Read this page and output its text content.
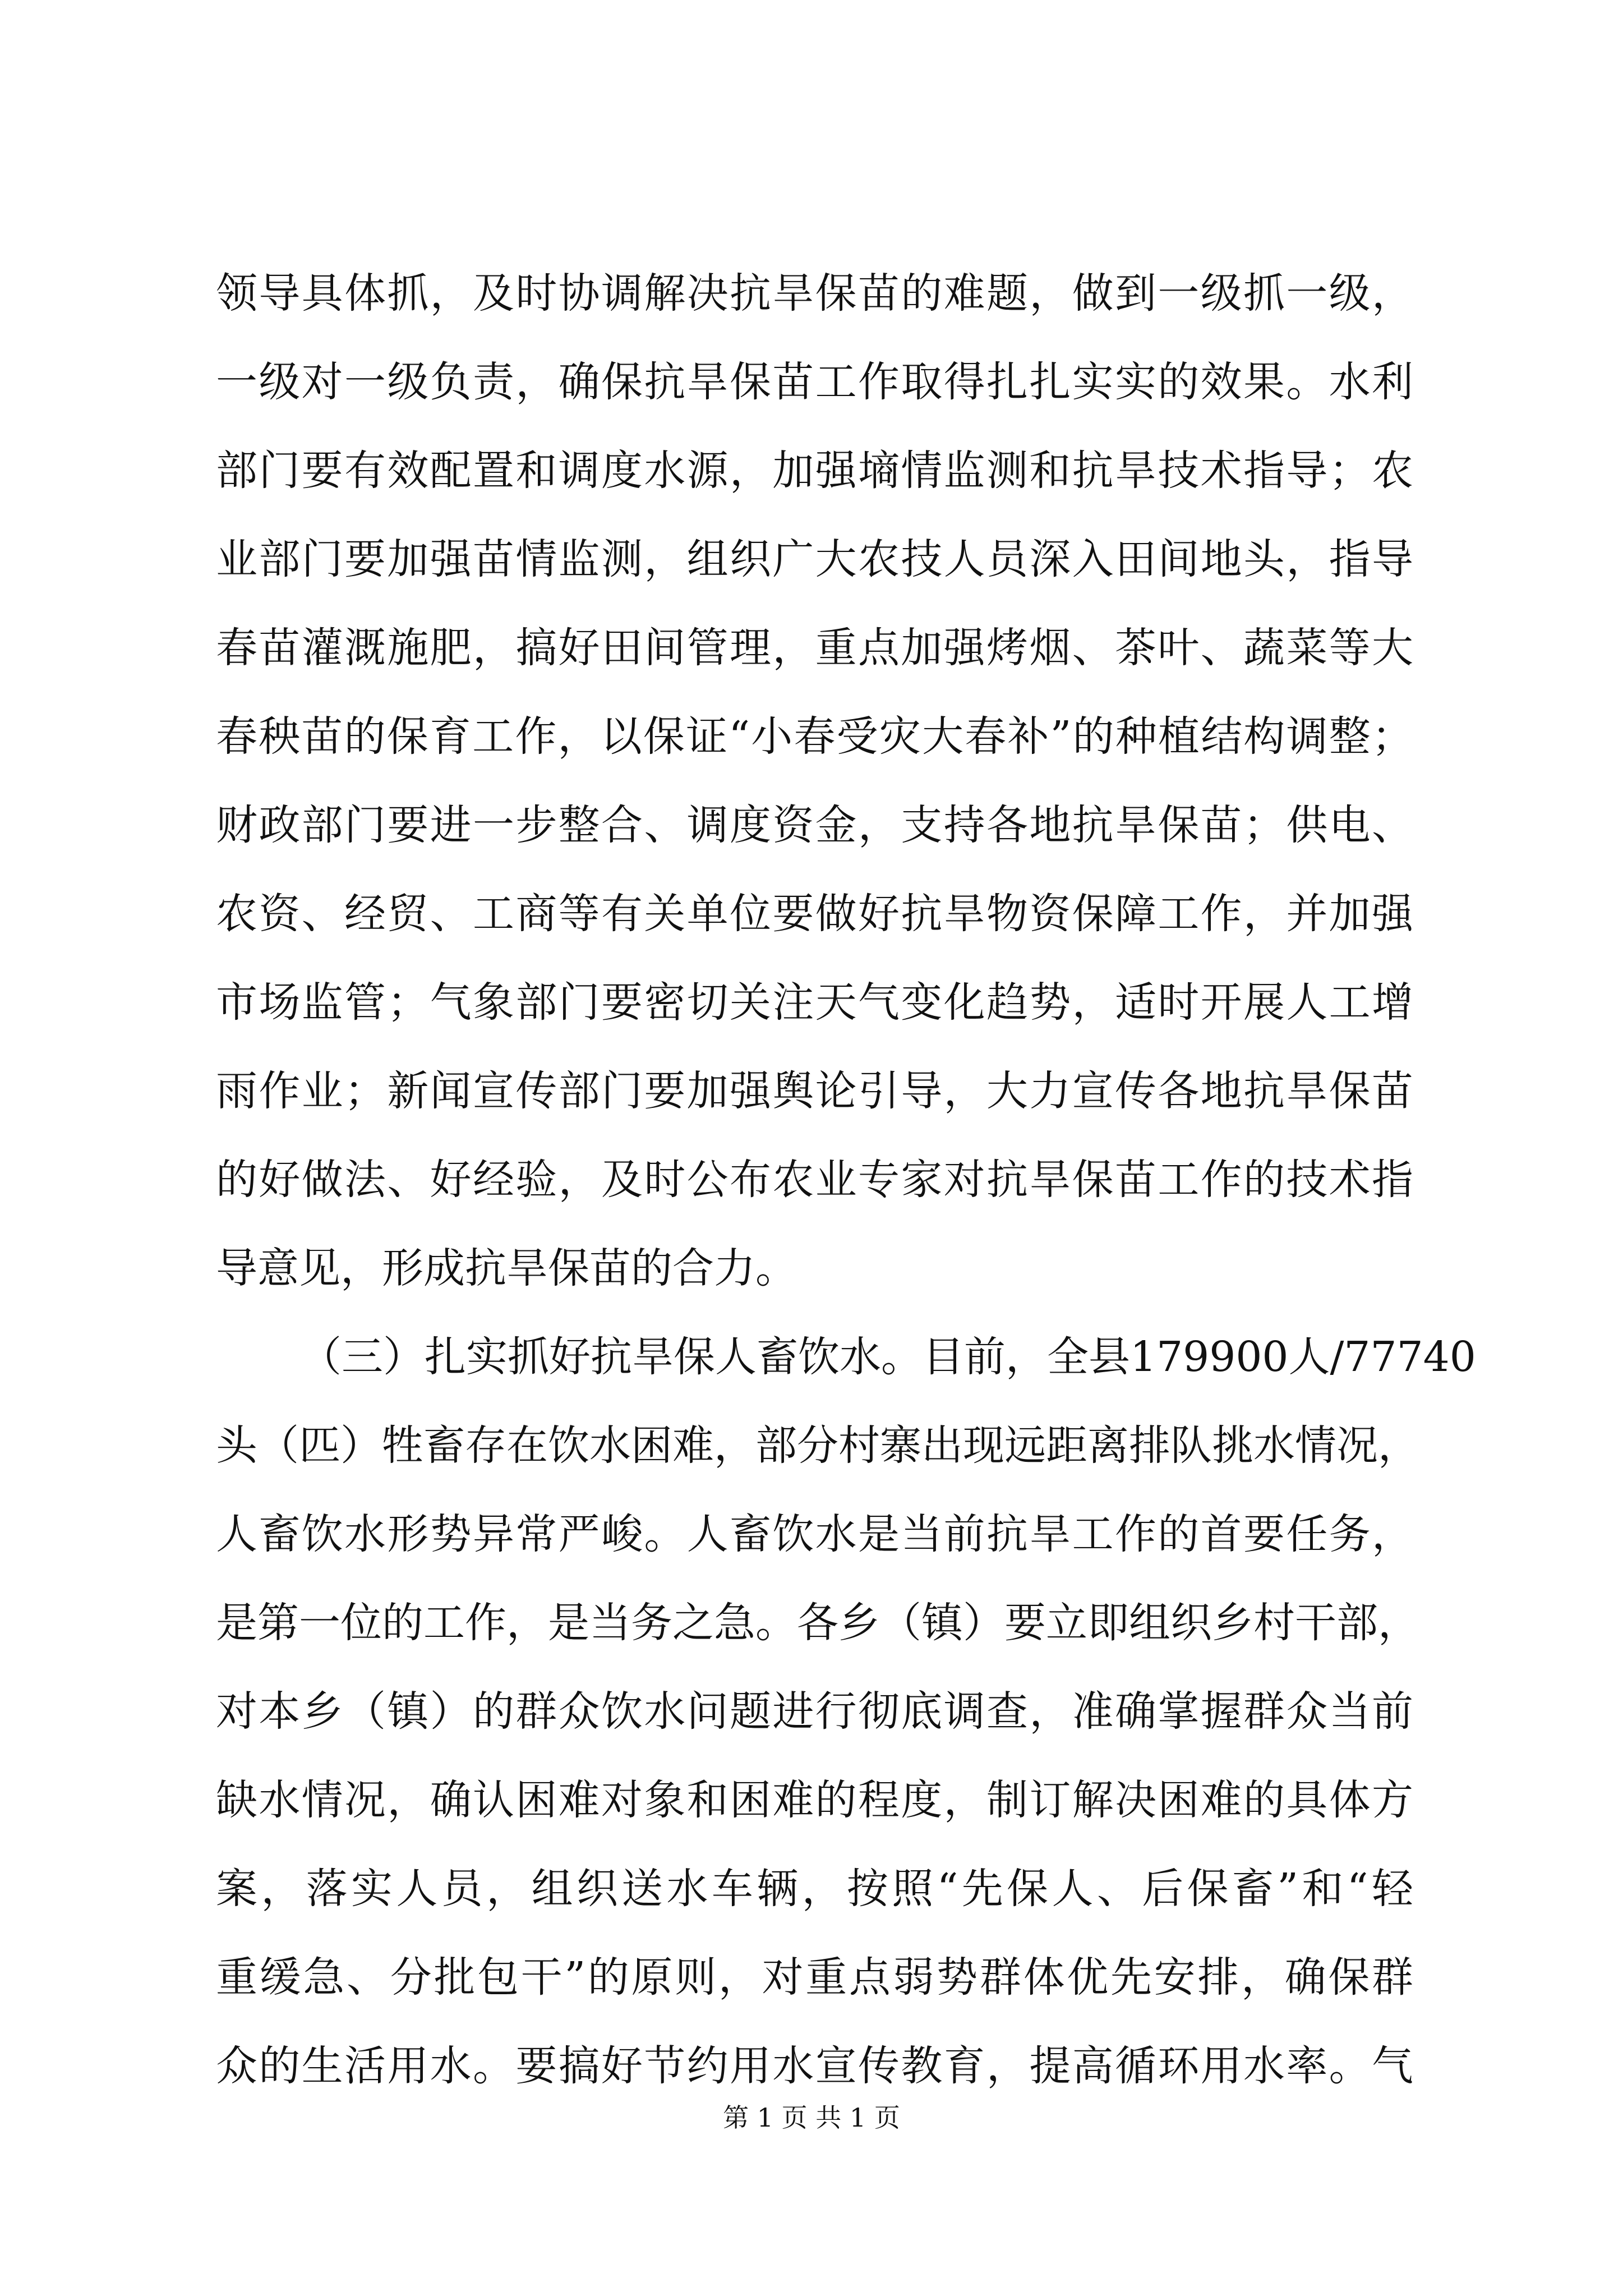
领导具体抓，及时协调解决抗旱保苗的难题，做到一级抓一级，
一级对一级负责，确保抗旱保苗工作取得扎扎实实的效果。水利
部门要有效配置和调度水源，加强墒情监测和抗旱技术指导；农
业部门要加强苗情监测，组织广大农技人员深入田间地头，指导
春苗灌溉施肥，搞好田间管理，重点加强烤烟、茶叶、蔬菜等大
春秧苗的保育工作，以保证“小春受灾大春补”的种植结构调整；
财政部门要进一步整合、调度资金，支持各地抗旱保苗；供电、
农资、经贸、工商等有关单位要做好抗旱物资保障工作，并加强
市场监管；气象部门要密切关注天气变化趋势，适时开展人工增
雨作业；新闻宣传部门要加强舆论引导，大力宣传各地抗旱保苗
的好做法、好经验，及时公布农业专家对抗旱保苗工作的技术指
导意见，形成抗旱保苗的合力。
（三）扎实抓好抗旱保人畜饮水。目前，全县179900人/77740
头（匹）牲畜存在饮水困难，部分村寨出现远距离排队挑水情况，
人畜饮水形势异常严峻。人畜饮水是当前抗旱工作的首要任务，
是第一位的工作，是当务之急。各乡（镇）要立即组织乡村干部，
对本乡（镇）的群众饮水问题进行彻底调查，准确掌握群众当前
缺水情况，确认困难对象和困难的程度，制订解决困难的具体方
案，落实人员，组织送水车辆，按照“先保人、后保畜”和“轻
重缓急、分批包干”的原则，对重点弱势群体优先安排，确保群
众的生活用水。要搞好节约用水宣传教育，提高循环用水率。气
第 1 页 共 1 页
